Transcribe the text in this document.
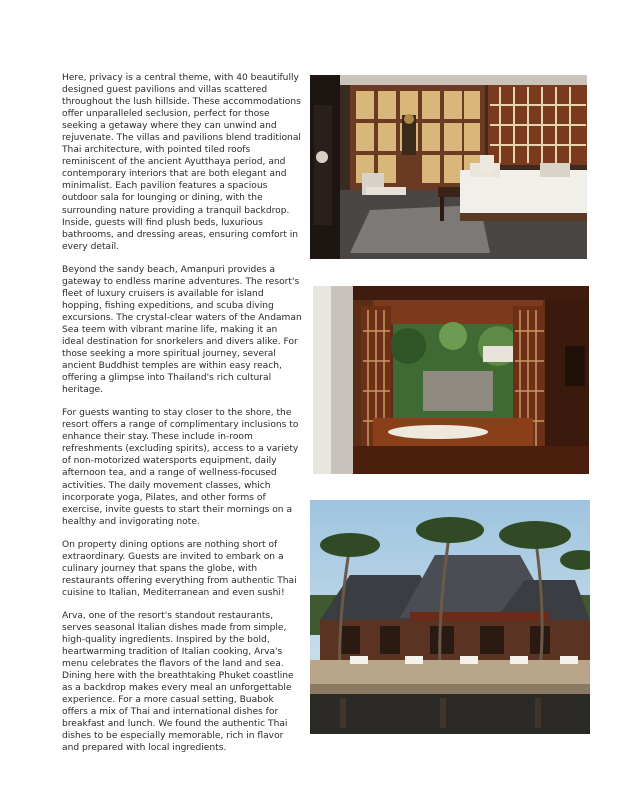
Here, privacy is a central theme, with 40 beautifully designed guest pavilions and villas scattered throughout the lush hillside. These accommodations offer unparalleled seclusion, perfect for those seeking a getaway where they can unwind and rejuvenate. The villas and pavilions blend traditional Thai architecture, with pointed tiled roofs reminiscent of the ancient Ayutthaya period, and contemporary interiors that are both elegant and minimalist. Each pavilion features a spacious outdoor sala for lounging or dining, with the surrounding nature providing a tranquil backdrop. Inside, guests will find plush beds, luxurious bathrooms, and dressing areas, ensuring comfort in every detail.

Beyond the sandy beach, Amanpuri provides a gateway to endless marine adventures. The resort's fleet of luxury cruisers is available for island hopping, fishing expeditions, and scuba diving excursions. The crystal-clear waters of the Andaman Sea teem with vibrant marine life, making it an ideal destination for snorkelers and divers alike. For those seeking a more spiritual journey, several ancient Buddhist temples are within easy reach, offering a glimpse into Thailand's rich cultural heritage.

For guests wanting to stay closer to the shore, the resort offers a range of complimentary inclusions to enhance their stay. These include in-room refreshments (excluding spirits), access to a variety of non-motorized watersports equipment, daily afternoon tea, and a range of wellness-focused activities. The daily movement classes, which incorporate yoga, Pilates, and other forms of exercise, invite guests to start their mornings on a healthy and invigorating note.

On property dining options are nothing short of extraordinary. Guests are invited to embark on a culinary journey that spans the globe, with restaurants offering everything from authentic Thai cuisine to Italian, Mediterranean and even sushi!

Arva, one of the resort's standout restaurants, serves seasonal Italian dishes made from simple, high-quality ingredients. Inspired by the bold, heartwarming tradition of Italian cooking, Arva's menu celebrates the flavors of the land and sea. Dining here with the breathtaking Phuket coastline as a backdrop makes every meal an unforgettable experience. For a more casual setting, Buabok offers a mix of Thai and international dishes for breakfast and lunch. We found the authentic Thai dishes to be especially memorable, rich in flavor and prepared with local ingredients.
